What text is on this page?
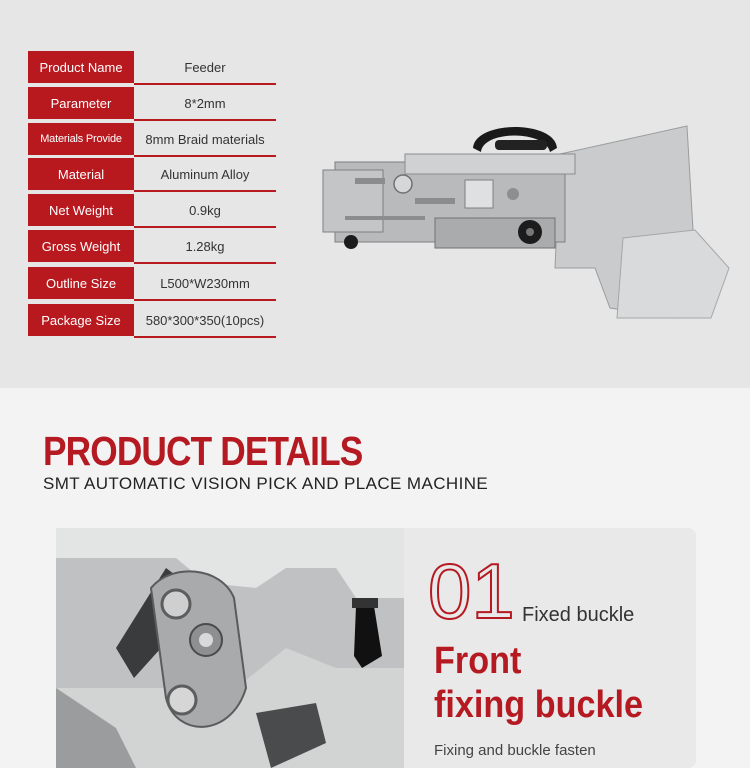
Product Name	Feeder
Parameter	8*2mm
Materials Provide	8mm Braid materials
Material	Aluminum Alloy
Net Weight	0.9kg
Gross Weight	1.28kg
Outline Size	L500*W230mm
Package Size	580*300*350(10pcs)
PRODUCT DETAILS
SMT AUTOMATIC VISION PICK AND PLACE MACHINE
01 Fixed buckle
Front
fixing buckle
Fixing and buckle fasten
